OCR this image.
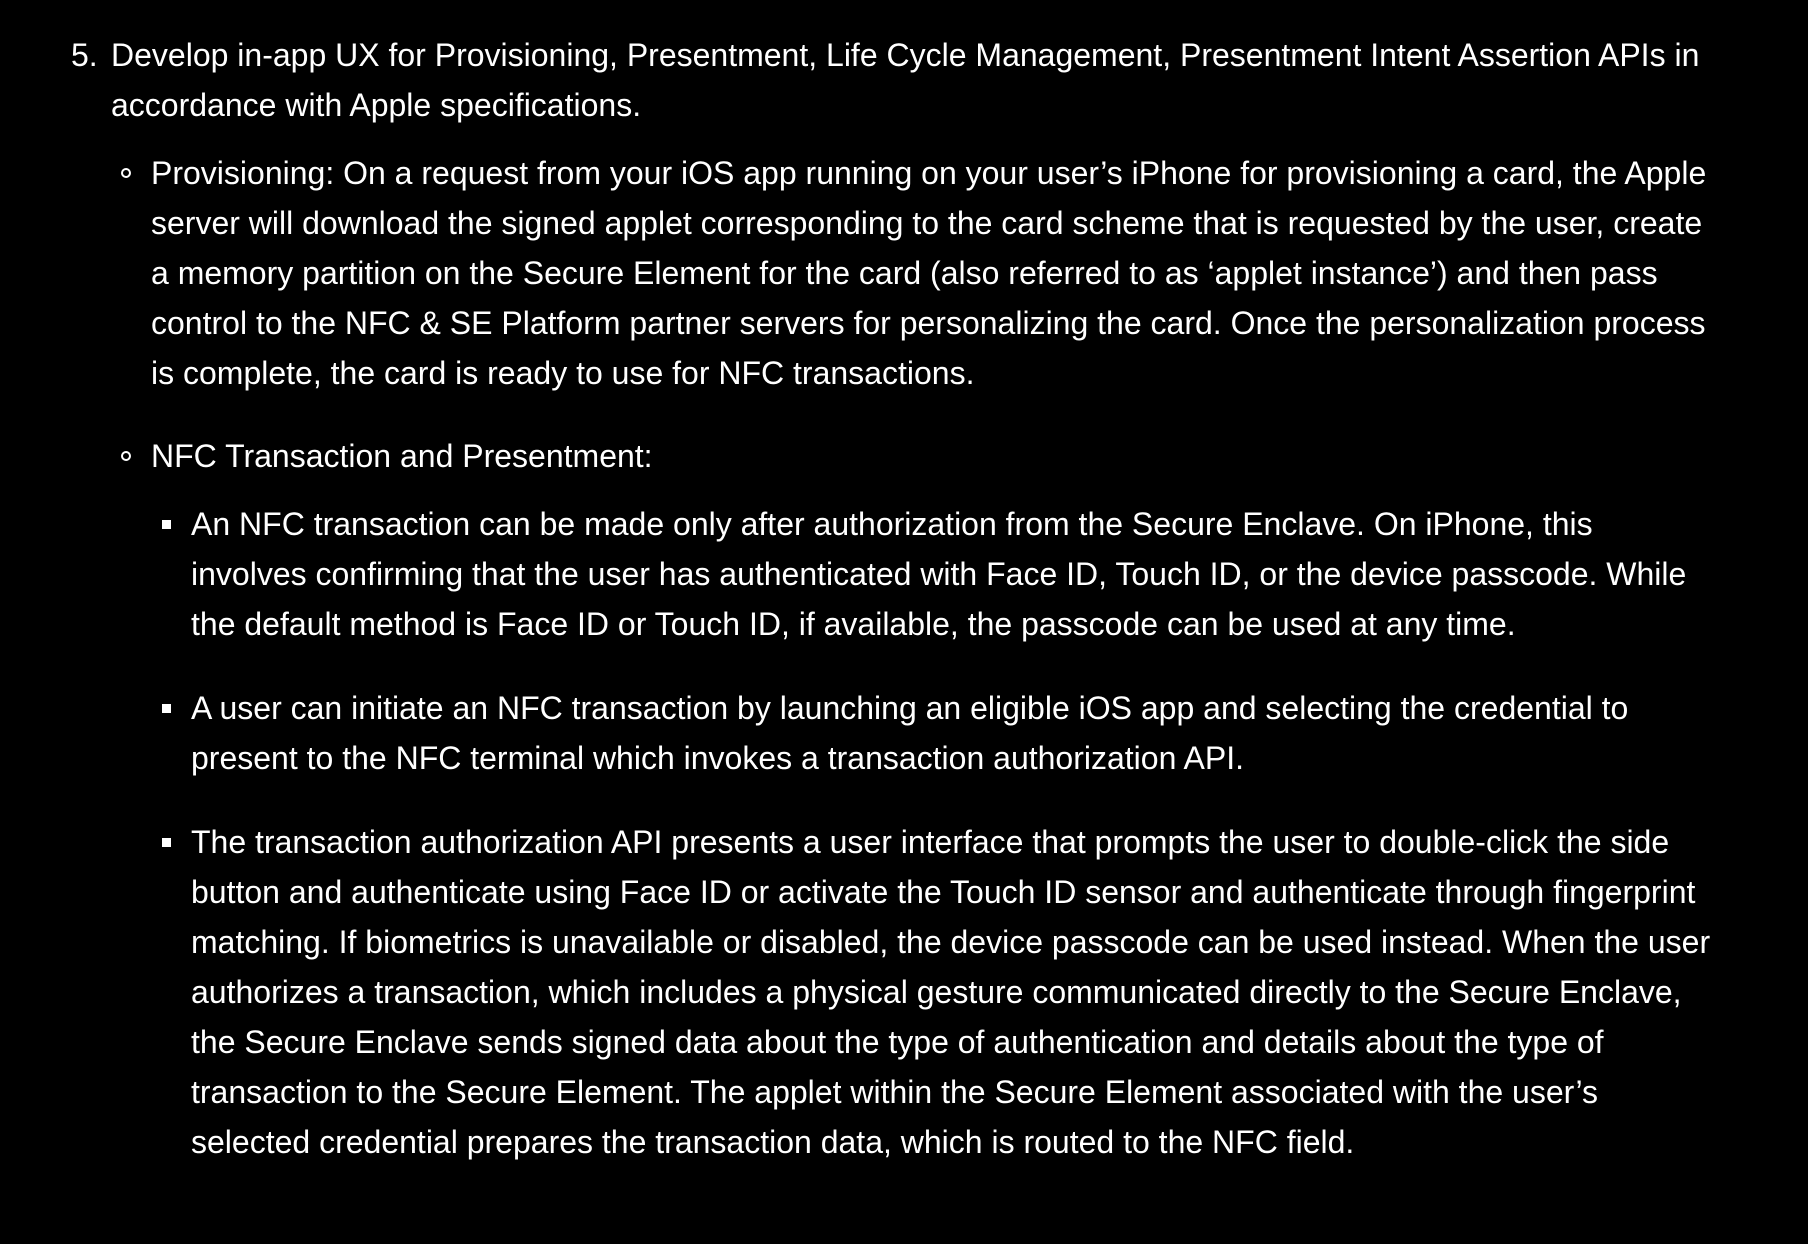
5. Develop in-app UX for Provisioning, Presentment, Life Cycle Management, Presentment Intent Assertion APIs in accordance with Apple specifications.

Provisioning: On a request from your iOS app running on your user’s iPhone for provisioning a card, the Apple server will download the signed applet corresponding to the card scheme that is requested by the user, create a memory partition on the Secure Element for the card (also referred to as ‘applet instance’) and then pass control to the NFC & SE Platform partner servers for personalizing the card. Once the personalization process is complete, the card is ready to use for NFC transactions.

NFC Transaction and Presentment:

An NFC transaction can be made only after authorization from the Secure Enclave. On iPhone, this involves confirming that the user has authenticated with Face ID, Touch ID, or the device passcode. While the default method is Face ID or Touch ID, if available, the passcode can be used at any time.

A user can initiate an NFC transaction by launching an eligible iOS app and selecting the credential to present to the NFC terminal which invokes a transaction authorization API.

The transaction authorization API presents a user interface that prompts the user to double-click the side button and authenticate using Face ID or activate the Touch ID sensor and authenticate through fingerprint matching. If biometrics is unavailable or disabled, the device passcode can be used instead. When the user authorizes a transaction, which includes a physical gesture communicated directly to the Secure Enclave, the Secure Enclave sends signed data about the type of authentication and details about the type of transaction to the Secure Element. The applet within the Secure Element associated with the user’s selected credential prepares the transaction data, which is routed to the NFC field.
